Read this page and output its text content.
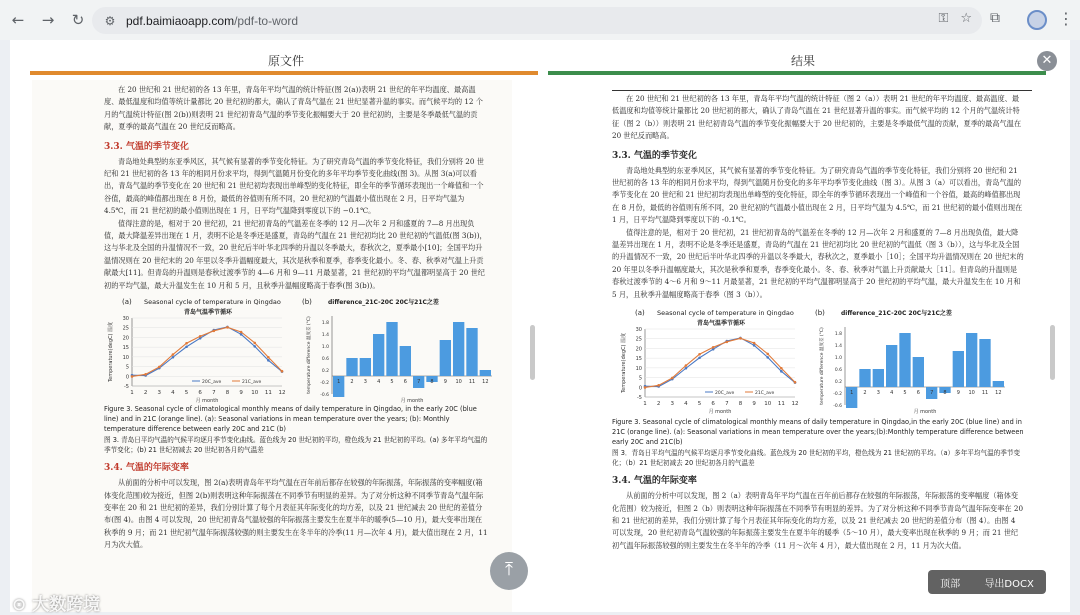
←	→	↻	⚙ pdf.baimiaoapp.com/pdf-to-word	⚿ ☆ ⧉	⋮
原文件	结果	✕
在 20 世纪和 21 世纪初的各 13 年里，青岛年平均气温的统计特征(图 2(a))表明 21 世纪的年平均温度、最高温度、最低温度和均值等统计量都比 20 世纪初的都大，确认了青岛气温在 21 世纪显著升温的事实。而气候平均的 12 个月的气温统计特征(图 2(b))则表明 21 世纪初青岛气温的季节变化振幅要大于 20 世纪初的，主要是冬季最低气温的贡献，夏季的最高气温在 20 世纪反而略高。
3.3. 气温的季节变化
青岛地处典型的东亚季风区，其气候有显著的季节变化特征。为了研究青岛气温的季节变化特征，我们分别将 20 世纪和 21 世纪初的各 13 年的相同月份求平均，得到气温随月份变化的多年平均季节变化曲线(图 3)。从图 3(a)可以看出，青岛气温的季节变化在 20 世纪和 21 世纪初均表现出单峰型的变化特征，即全年的季节循环表现出一个峰值和一个谷值，最高的峰值都出现在 8 月份，最低的谷值则有所不同，20 世纪初的气温最小值出现在 2 月，日平均气温为 4.5℃，而 21 世纪初的最小值则出现在 1 月，日平均气温降到零度以下的 −0.1℃。
值得注意的是，相对于 20 世纪初，21 世纪初青岛的气温差在冬季的 12 月—次年 2 月和盛夏的 7—8 月出现负值，最大降温差异出现在 1 月，表明不论是冬季还是盛夏，青岛的气温在 21 世纪初均比 20 世纪初的气温低(图 3(b))，这与华北及全国的升温情况不一致，20 世纪后半叶华北四季的升温以冬季最大，春秋次之，夏季最小[10]；全国平均升温情况则在 20 世纪末的 20 年里以冬季升温幅度最大，其次是秋季和夏季，春季变化最小。冬、春、秋季对气温上升贡献最大[11]。但青岛的升温则是春秋过渡季节的 4—6 月和 9—11 月最显著，21 世纪初的平均气温都明显高于 20 世纪初的平均气温，最大升温发生在 10 月和 5 月，且秋季升温幅度略高于春季(图 3(b))。
(a) Seasonal cycle of temperature in Qingdao
青岛气温季节循环
(b)	difference_21C-20C 20C与21C之差
-5
0
5
10
15
20
25
30
1 2 3 4 5 6 7 8 9 10 11 12
月 month
Temperature(degC) 温度
20C_ave	21C_ave
-0.6
-0.2
0.2
0.6
1.0
1.4
1.8
1 2 3 4 5 6 7 8 9 10 11 12
月 month
temperature difference 温度差 (°C)
Figure 3. Seasonal cycle of climatological monthly means of daily temperature in Qingdao, in the early 20C (blue line) and in 21C (orange line). (a): Seasonal variations in mean temperature over the years; (b): Monthly temperature difference between early 20C and 21C (b)
图 3. 青岛日平均气温的气候平均逐月季节变化曲线。蓝色线为 20 世纪初的平均，橙色线为 21 世纪初的平均。(a) 多年平均气温的季节变化；(b) 21 世纪初减去 20 世纪初各月的气温差
3.4. 气温的年际变率
从前面的分析中可以发现，图 2(a)表明青岛年平均气温在百年前后都存在较强的年际振荡，年际振荡的变率幅度(箱体变化范围)较为接近，但图 2(b)则表明这种年际振荡在不同季节有明显的差异。为了对分析这种不同季节青岛气温年际变率在 20 和 21 世纪初的差异，我们分别计算了每个月表征其年际变化的均方差，以及 21 世纪减去 20 世纪的差值分布(图 4)。由图 4 可以发现，20 世纪初青岛气温较强的年际振荡主要发生在夏半年的暖季(5—10 月)，最大变率出现在秋季的 9 月；而 21 世纪初气温年际振荡较强的则主要发生在冬半年的冷季(11 月—次年 4 月)，最大值出现在 2 月，11 月为次大值。
在 20 世纪和 21 世纪初的各 13 年里，青岛年平均气温的统计特征（图 2（a））表明 21 世纪的年平均温度、最高温度、最低温度和均值等统计量都比 20 世纪初的都大，确认了青岛气温在 21 世纪显著升温的事实。而气候平均的 12 个月的气温统计特征（图 2（b））则表明 21 世纪初青岛气温的季节变化振幅要大于 20 世纪初的，主要是冬季最低气温的贡献，夏季的最高气温在 20 世纪反而略高。
3.3. 气温的季节变化
青岛地处典型的东亚季风区，其气候有显著的季节变化特征。为了研究青岛气温的季节变化特征，我们分别将 20 世纪和 21 世纪初的各 13 年的相同月份求平均，得到气温随月份变化的多年平均季节变化曲线（图 3）。从图 3（a）可以看出，青岛气温的季节变化在 20 世纪和 21 世纪初均表现出单峰型的变化特征，即全年的季节循环表现出一个峰值和一个谷值，最高的峰值都出现在 8 月份，最低的谷值则有所不同，20 世纪初的气温最小值出现在 2 月，日平均气温为 4.5℃，而 21 世纪初的最小值则出现在 1 月，日平均气温降到零度以下的 -0.1℃。
值得注意的是，相对于 20 世纪初，21 世纪初青岛的气温差在冬季的 12 月—次年 2 月和盛夏的 7—8 月出现负值，最大降温差异出现在 1 月，表明不论是冬季还是盛夏，青岛的气温在 21 世纪初均比 20 世纪初的气温低（图 3（b）），这与华北及全国的升温情况不一致，20 世纪后半叶华北四季的升温以冬季最大，春秋次之，夏季最小［10］；全国平均升温情况则在 20 世纪末的 20 年里以冬季升温幅度最大，其次是秋季和夏季，春季变化最小。冬、春、秋季对气温上升贡献最大［11］。但青岛的升温则是春秋过渡季节的 4～6 月和 9～11 月最显著，21 世纪初的平均气温都明显高于 20 世纪初的平均气温，最大升温发生在 10 月和 5 月，且秋季升温幅度略高于春季（图 3（b））。
(a) Seasonal cycle of temperature in Qingdao
青岛气温季节循环
(b)	difference_21C-20C 20C与21C之差
-5
0
5
10
15
20
25
30
1 2 3 4 5 6 7 8 9 10 11 12
月 month
Temperature(degC) 温度
20C_ave	21C_ave
-0.6
-0.2
0.2
0.6
1.0
1.4
1.8
1 2 3 4 5 6 7 8 9 10 11 12
月 month
temperature difference 温度差 (°C)
Figure 3. Seasonal cycle of climatological monthly means of daily temperature in Qingdao,in the early 20C (blue line) and in 21C (orange line). (a): Seasonal variations in mean temperature over the years;(b):Monthly temperature difference between early 20C and 21C(b)
图 3．青岛日平均气温的气候平均逐月季节变化曲线。蓝色线为 20 世纪初的平均，橙色线为 21 世纪初的平均。（a）多年平均气温的季节变化；（b）21 世纪初减去 20 世纪初各月的气温差
3.4. 气温的年际变率
从前面的分析中可以发现，图 2（a）表明青岛年平均气温在百年前后都存在较强的年际振荡，年际振荡的变率幅度（箱体变化范围）较为接近，但图 2（b）则表明这种年际振荡在不同季节有明显的差异。为了对分析这种不同季节青岛气温年际变率在 20 和 21 世纪初的差异，我们分别计算了每个月表征其年际变化的均方差，以及 21 世纪减去 20 世纪的差值分布（图 4）。由图 4 可以发现，20 世纪初青岛气温较强的年际振荡主要发生在夏半年的暖季（5～10 月），最大变率出现在秋季的 9 月；而 21 世纪初气温年际振荡较强的则主要发生在冬半年的冷季（11 月～次年 4 月），最大值出现在 2 月，11 月为次大值。
⤒
顶部 导出DOCX
⊙ 大数跨境
